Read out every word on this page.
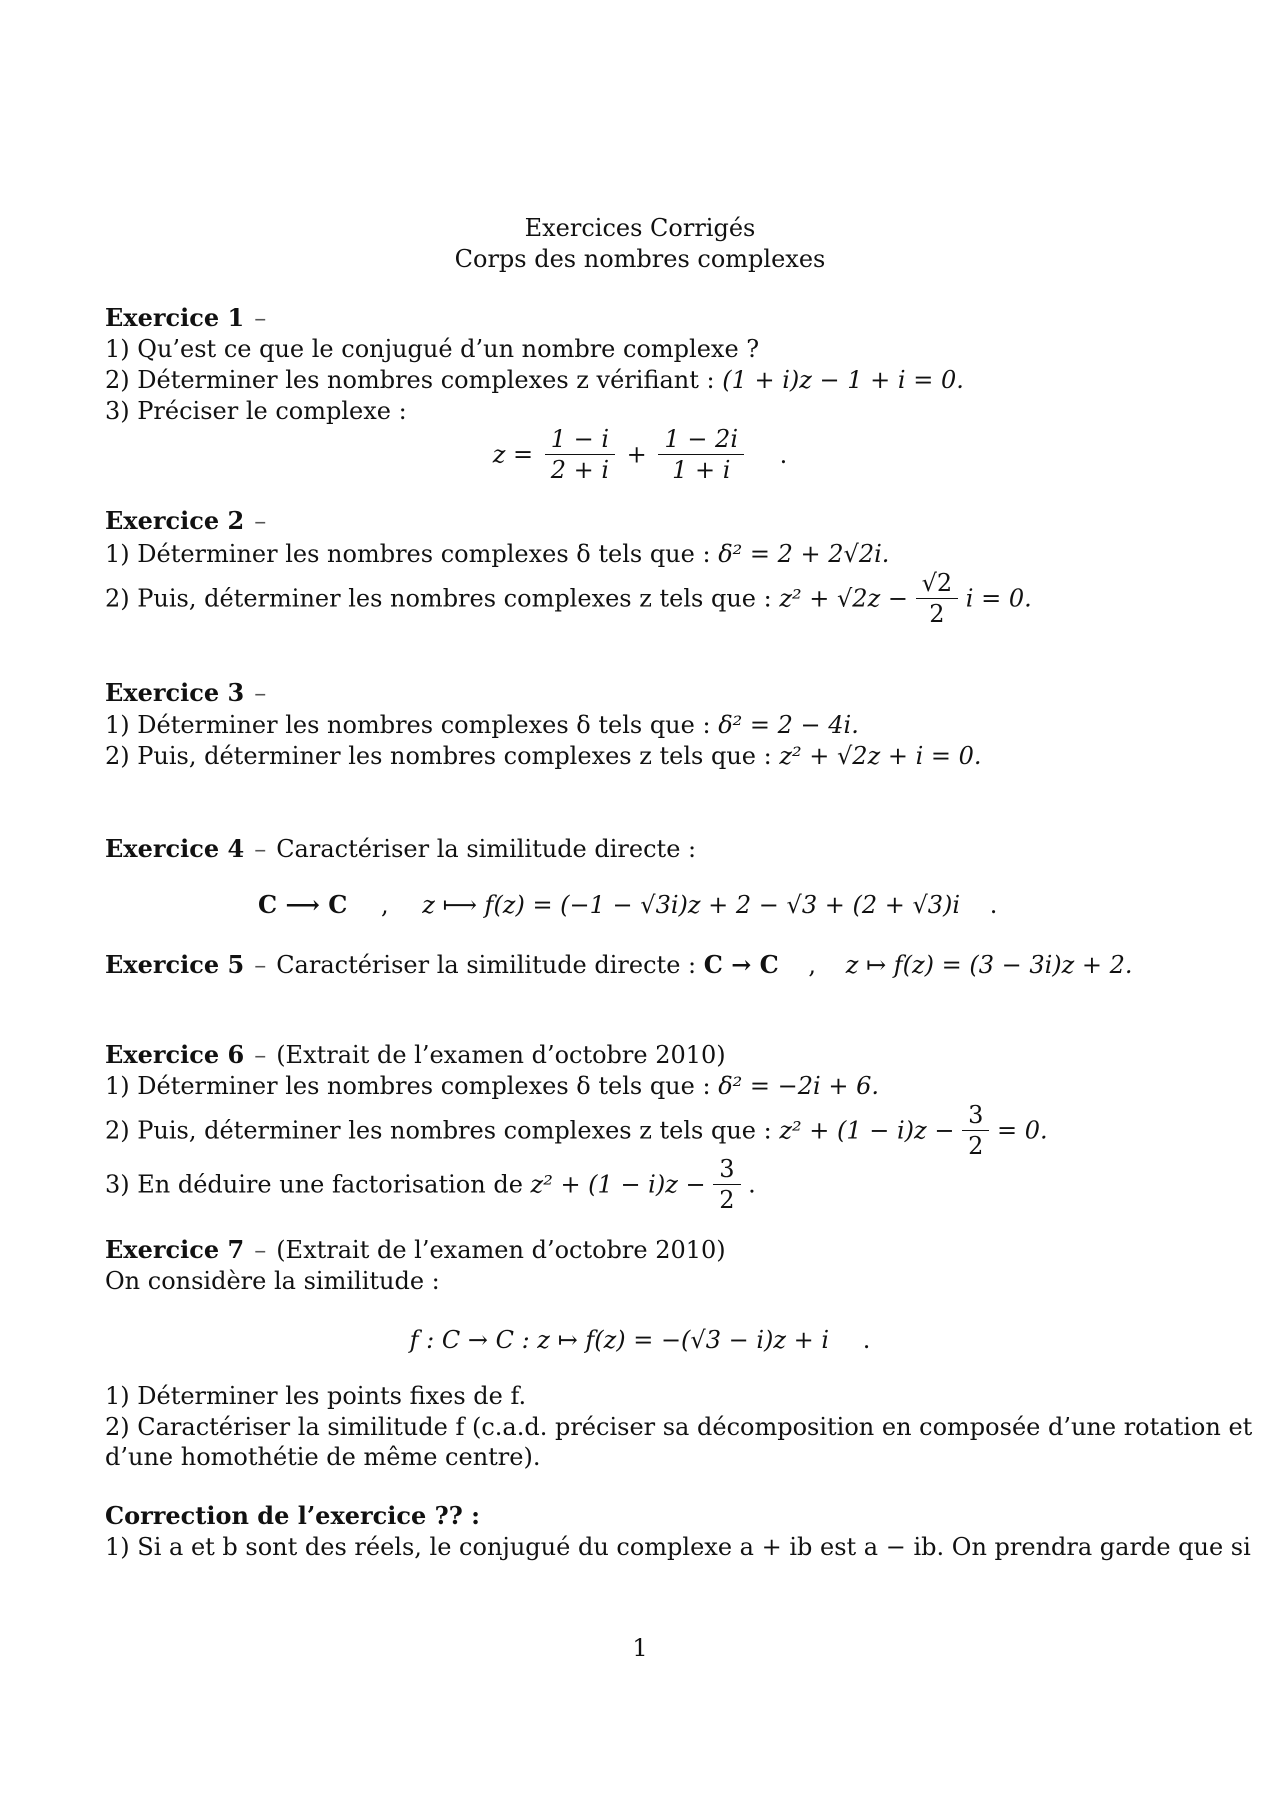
Exercices Corrigés
Corps des nombres complexes
Exercice 1 –
1) Qu’est ce que le conjugué d’un nombre complexe ?
2) Déterminer les nombres complexes z vérifiant : (1 + i)z − 1 + i = 0.
3) Préciser le complexe :
$z = \frac{1 - i}{2 + i} + \frac{1 - 2i}{1 + i}$ .
Exercice 2 –
1) Déterminer les nombres complexes δ tels que : δ² = 2 + 2√2i.
2) Puis, déterminer les nombres complexes z tels que : $z^2 + √2z - \frac{√2}{2}$ i = 0.
Exercice 3 –
1) Déterminer les nombres complexes δ tels que : δ² = 2 − 4i.
2) Puis, déterminer les nombres complexes z tels que : z² + √2z + i = 0.
Exercice 4 – Caractériser la similitude directe :
C ⟶ C , z ⟼ f(z) = (−1 − √3i)z + 2 − √3 + (2 + √3)i .
Exercice 5 – Caractériser la similitude directe : C → C , z ↦ f(z) = (3 − 3i)z + 2.
Exercice 6 – (Extrait de l’examen d’octobre 2010)
1) Déterminer les nombres complexes δ tels que : δ² = −2i + 6.
2) Puis, déterminer les nombres complexes z tels que : $z^2 + (1 - i)z - \frac{3}{2} = 0$.
3) En déduire une factorisation de $z^2 + (1 - i)z - \frac{3}{2}$ .
Exercice 7 – (Extrait de l’examen d’octobre 2010)
On considère la similitude :
f : C → C : z ↦ f(z) = −(√3 − i)z + i .
1) Déterminer les points fixes de f.
2) Caractériser la similitude f (c.a.d. préciser sa décomposition en composée d’une rotation et
d’une homothétie de même centre).
Correction de l’exercice ?? :
1) Si a et b sont des réels, le conjugué du complexe a + ib est a − ib. On prendra garde que si
1
